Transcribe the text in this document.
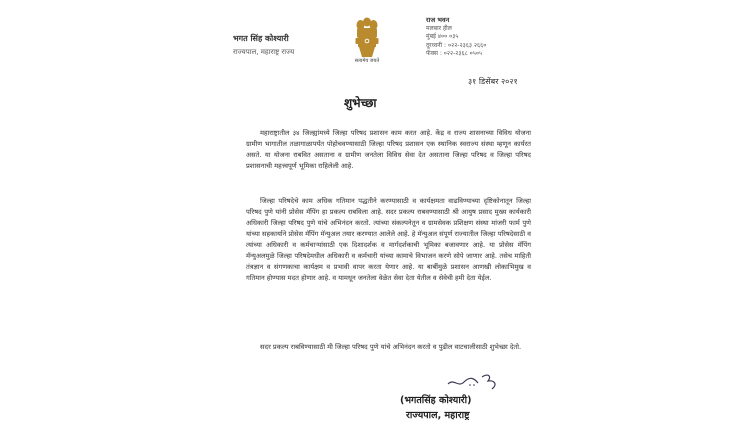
भगत सिंह कोश्यारी
राज्यपाल, महाराष्ट्र राज्य
सत्यमेव जयते
राज भवन
मलबार हील
मुंबई ४०० ०३५
दूरध्वनी : ०२२-२३६३ २६६०
फॅक्स : ०२२-२३६८ ०५०५
३१ डिसेंबर २०२१
शुभेच्छा

महाराष्ट्रातील ३४ जिल्ह्यांमध्ये जिल्हा परिषद प्रशासन काम करत आहे. केंद्र व राज्य शासनाच्या विविध योजना ग्रामीण भागातील तळागाळापर्यंत पोहोचवण्यासाठी जिल्हा परिषद प्रशासन एक स्थानिक स्वराज्य संस्था म्हणून कार्यरत असते. या योजना राबवित असताना व ग्रामीण जनतेला विविध सेवा देत असताना जिल्हा परिषद व जिल्हा परिषद प्रशासनाची महत्त्वपूर्ण भूमिका राहिलेली आहे.

जिल्हा परिषदेचे काम अधिक गतिमान पद्धतीने करण्यासाठी व कार्यक्षमता वाढविण्याच्या दृष्टिकोनातून जिल्हा परिषद पुणे यांनी प्रोसेस मॅपिंग हा प्रकल्प राबविला आहे. सदर प्रकल्प राबवण्यासाठी श्री आयुष प्रसाद मुख्य कार्यकारी अधिकारी जिल्हा परिषद पुणे यांचे अभिनंदन करतो. त्यांच्या संकल्पनेतून व ग्रामसेवक प्रशिक्षण संस्था मांजरी फार्म पुणे यांच्या सहकार्याने प्रोसेस मॅपिंग मॅन्युअल तयार करण्यात आलेले आहे. हे मॅन्युअल संपूर्ण राज्यातील जिल्हा परिषदेसाठी व त्यांच्या अधिकारी व कर्मचाऱ्यांसाठी एक दिशादर्शक व मार्गदर्शकाची भूमिका बजावणार आहे. या प्रोसेस मॅपिंग मॅन्युअलमुळे जिल्हा परिषदेमधील अधिकारी व कर्मचारी यांच्या कामाचे विभाजन करणे सोपे जाणार आहे. तसेच माहिती तंत्रज्ञान व संगणकाचा कार्यक्षम व प्रभावी वापर करता येणार आहे. या बाबींमुळे प्रशासन आणखी लोकाभिमुख व गतिमान होण्यास मदत होणार आहे. व यामधून जनतेला वेळेत सेवा देता येतील व सेवेची हमी देता येईल.

सदर प्रकल्प राबविण्यासाठी मी जिल्हा परिषद पुणे यांचे अभिनंदन करतो व पुढील वाटचालीसाठी शुभेच्छा देतो.

(भगतसिंह कोश्यारी)
राज्यपाल, महाराष्ट्र
